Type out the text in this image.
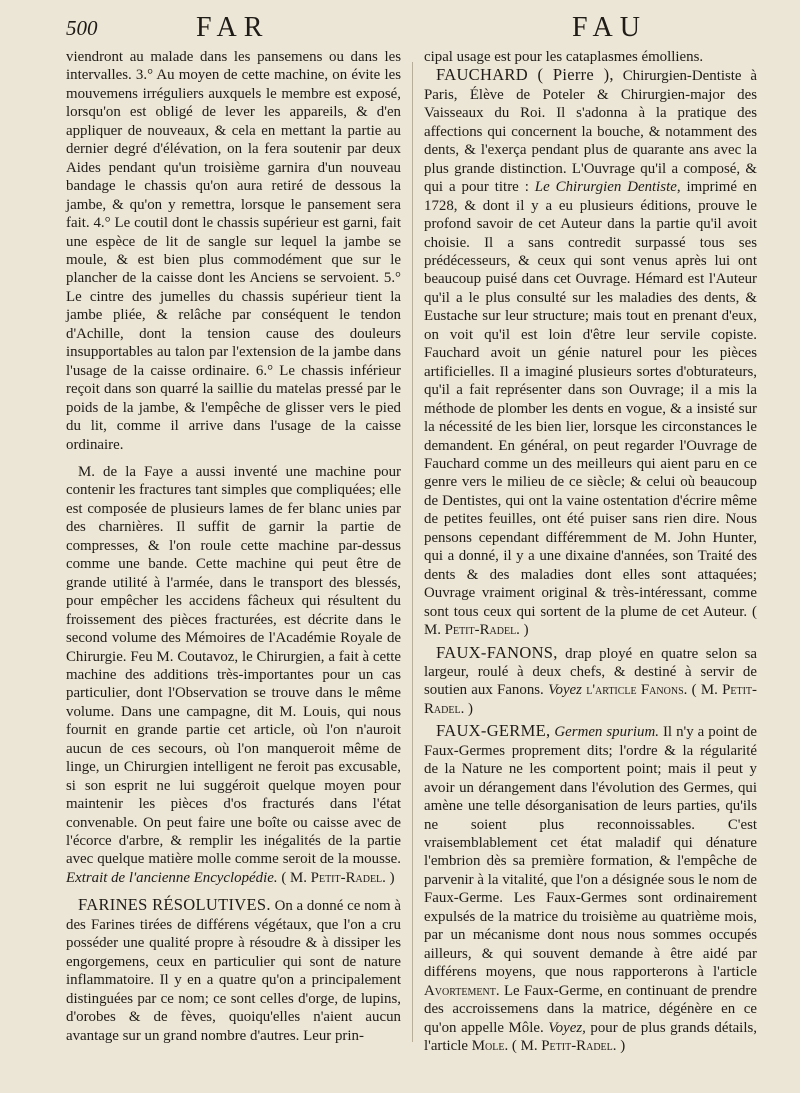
500	FAR	FAU

viendront au malade dans les pansemens ou dans les intervalles. 3.° Au moyen de cette machine, on évite les mouvemens irréguliers auxquels le membre est exposé, lorsqu'on est obligé de lever les appareils, & d'en appliquer de nouveaux, & cela en mettant la partie au dernier degré d'élévation, on la fera soutenir par deux Aides pendant qu'un troisième garnira d'un nouveau bandage le chassis qu'on aura retiré de dessous la jambe, & qu'on y remettra, lorsque le pansement sera fait. 4.° Le coutil dont le chassis supérieur est garni, fait une espèce de lit de sangle sur lequel la jambe se moule, & est bien plus commodément que sur le plancher de la caisse dont les Anciens se servoient. 5.° Le cintre des jumelles du chassis supérieur tient la jambe pliée, & relâche par conséquent le tendon d'Achille, dont la tension cause des douleurs insupportables au talon par l'extension de la jambe dans l'usage de la caisse ordinaire. 6.° Le chassis inférieur reçoit dans son quarré la saillie du matelas pressé par le poids de la jambe, & l'empêche de glisser vers le pied du lit, comme il arrive dans l'usage de la caisse ordinaire.

M. de la Faye a aussi inventé une machine pour contenir les fractures tant simples que compliquées; elle est composée de plusieurs lames de fer blanc unies par des charnières. Il suffit de garnir la partie de compresses, & l'on roule cette machine par-dessus comme une bande. Cette machine qui peut être de grande utilité à l'armée, dans le transport des blessés, pour empêcher les accidens fâcheux qui résultent du froissement des pièces fracturées, est décrite dans le second volume des Mémoires de l'Académie Royale de Chirurgie. Feu M. Coutavoz, le Chirurgien, a fait à cette machine des additions très-importantes pour un cas particulier, dont l'Observation se trouve dans le même volume. Dans une campagne, dit M. Louis, qui nous fournit en grande partie cet article, où l'on n'auroit aucun de ces secours, où l'on manqueroit même de linge, un Chirurgien intelligent ne feroit pas excusable, si son esprit ne lui suggéroit quelque moyen pour maintenir les pièces d'os fracturés dans l'état convenable. On peut faire une boîte ou caisse avec de l'écorce d'arbre, & remplir les inégalités de la partie avec quelque matière molle comme seroit de la mousse. Extrait de l'ancienne Encyclopédie. ( M. Petit-Radel. )

FARINES RÉSOLUTIVES. On a donné ce nom à des Farines tirées de différens végétaux, que l'on a cru posséder une qualité propre à résoudre & à dissiper les engorgemens, ceux en particulier qui sont de nature inflammatoire. Il y en a quatre qu'on a principalement distinguées par ce nom; ce sont celles d'orge, de lupins, d'orobes & de fèves, quoiqu'elles n'aient aucun avantage sur un grand nombre d'autres. Leur prin-

cipal usage est pour les cataplasmes émolliens.

FAUCHARD ( Pierre ), Chirurgien-Dentiste à Paris, Élève de Poteler & Chirurgien-major des Vaisseaux du Roi. Il s'adonna à la pratique des affections qui concernent la bouche, & notamment des dents, & l'exerça pendant plus de quarante ans avec la plus grande distinction. L'Ouvrage qu'il a composé, & qui a pour titre : Le Chirurgien Dentiste, imprimé en 1728, & dont il y a eu plusieurs éditions, prouve le profond savoir de cet Auteur dans la partie qu'il avoit choisie. Il a sans contredit surpassé tous ses prédécesseurs, & ceux qui sont venus après lui ont beaucoup puisé dans cet Ouvrage. Hémard est l'Auteur qu'il a le plus consulté sur les maladies des dents, & Eustache sur leur structure; mais tout en prenant d'eux, on voit qu'il est loin d'être leur servile copiste. Fauchard avoit un génie naturel pour les pièces artificielles. Il a imaginé plusieurs sortes d'obturateurs, qu'il a fait représenter dans son Ouvrage; il a mis la méthode de plomber les dents en vogue, & a insisté sur la nécessité de les bien lier, lorsque les circonstances le demandent. En général, on peut regarder l'Ouvrage de Fauchard comme un des meilleurs qui aient paru en ce genre vers le milieu de ce siècle; & celui où beaucoup de Dentistes, qui ont la vaine ostentation d'écrire même de petites feuilles, ont été puiser sans rien dire. Nous pensons cependant différemment de M. John Hunter, qui a donné, il y a une dixaine d'années, son Traité des dents & des maladies dont elles sont attaquées; Ouvrage vraiment original & très-intéressant, comme sont tous ceux qui sortent de la plume de cet Auteur. ( M. Petit-Radel. )

FAUX-FANONS, drap ployé en quatre selon sa largeur, roulé à deux chefs, & destiné à servir de soutien aux Fanons. Voyez l'article Fanons. ( M. Petit-Radel. )

FAUX-GERME, Germen spurium. Il n'y a point de Faux-Germes proprement dits; l'ordre & la régularité de la Nature ne les comportent point; mais il peut y avoir un dérangement dans l'évolution des Germes, qui amène une telle désorganisation de leurs parties, qu'ils ne soient plus reconnoissables. C'est vraisemblablement cet état maladif qui dénature l'embrion dès sa première formation, & l'empêche de parvenir à la vitalité, que l'on a désignée sous le nom de Faux-Germe. Les Faux-Germes sont ordinairement expulsés de la matrice du troisième au quatrième mois, par un mécanisme dont nous nous sommes occupés ailleurs, & qui souvent demande à être aidé par différens moyens, que nous rapporterons à l'article Avortement. Le Faux-Germe, en continuant de prendre des accroissemens dans la matrice, dégénère en ce qu'on appelle Môle. Voyez, pour de plus grands détails, l'article Mole. ( M. Petit-Radel. )
